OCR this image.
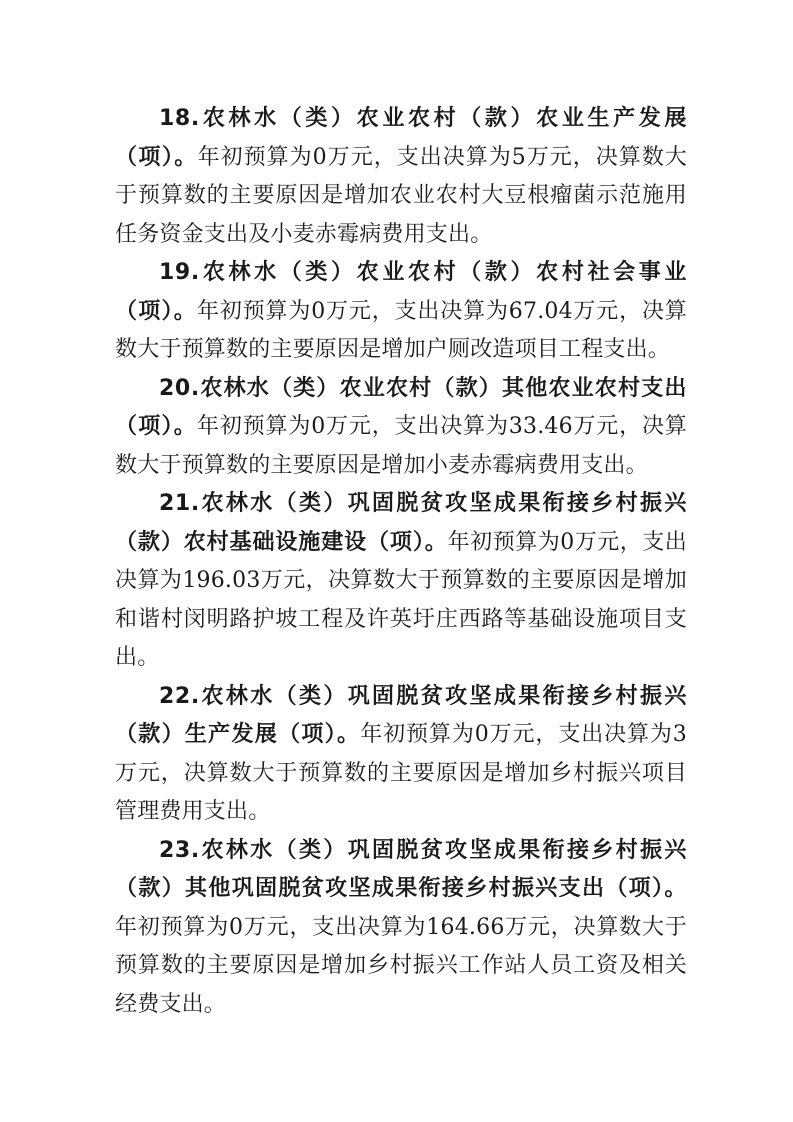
18.农林水（类）农业农村（款）农业生产发展（项）。年初预算为0万元，支出决算为5万元，决算数大于预算数的主要原因是增加农业农村大豆根瘤菌示范施用任务资金支出及小麦赤霉病费用支出。

19.农林水（类）农业农村（款）农村社会事业（项）。年初预算为0万元，支出决算为67.04万元，决算数大于预算数的主要原因是增加户厕改造项目工程支出。

20.农林水（类）农业农村（款）其他农业农村支出（项）。年初预算为0万元，支出决算为33.46万元，决算数大于预算数的主要原因是增加小麦赤霉病费用支出。

21.农林水（类）巩固脱贫攻坚成果衔接乡村振兴（款）农村基础设施建设（项）。年初预算为0万元，支出决算为196.03万元，决算数大于预算数的主要原因是增加和谐村闵明路护坡工程及许英圩庄西路等基础设施项目支出。

22.农林水（类）巩固脱贫攻坚成果衔接乡村振兴（款）生产发展（项）。年初预算为0万元，支出决算为3万元，决算数大于预算数的主要原因是增加乡村振兴项目管理费用支出。

23.农林水（类）巩固脱贫攻坚成果衔接乡村振兴（款）其他巩固脱贫攻坚成果衔接乡村振兴支出（项）。年初预算为0万元，支出决算为164.66万元，决算数大于预算数的主要原因是增加乡村振兴工作站人员工资及相关经费支出。
